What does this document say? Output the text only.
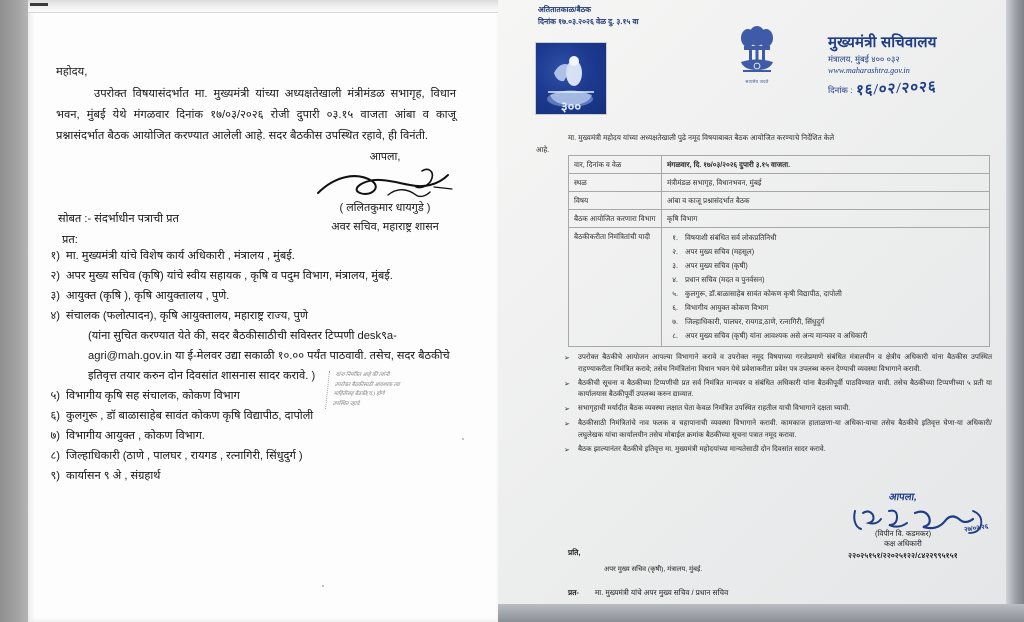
महोदय,
उपरोक्त विषयासंदर्भात मा. मुख्यमंत्री यांच्या अध्यक्षतेखाली मंत्रीमंडळ सभागृह, विधान भवन, मुंबई येथे मंगळवार दिनांक १७/०३/२०२६ रोजी दुपारी ०३.१५ वाजता आंबा व काजू प्रश्नासंदर्भात बैठक आयोजित करण्यात आलेली आहे. सदर बैठकीस उपस्थित रहावे, ही विनंती.
आपला,
( ललितकुमार धायगुडे )
अवर सचिव, महाराष्ट्र शासन
सोबत :- संदर्भाधीन पत्राची प्रत
प्रत:
१) मा. मुख्यमंत्री यांचे विशेष कार्य अधिकारी , मंत्रालय , मुंबई.
२) अपर मुख्य सचिव (कृषि) यांचे स्वीय सहायक , कृषि व पदुम विभाग, मंत्रालय, मुंबई.
३) आयुक्त (कृषि ), कृषि आयुक्तालय , पुणे.
४) संचालक (फलोत्पादन), कृषि आयुक्तालय, महाराष्ट्र राज्य, पुणे
(यांना सुचित करण्यात येते की, सदर बैठकीसाठीची सविस्तर टिप्पणी desk९a-agri@mah.gov.in या ई-मेलवर उद्या सकाळी १०.०० पर्यंत पाठवावी. तसेच, सदर बैठकीचे इतिवृत्त तयार करुन दोन दिवसांत शासनास सादर करावे. )
५) विभागीय कृषि सह संचालक, कोकण विभाग
६) कुलगुरू , डॉ बाळासाहेब सावंत कोकण कृषि विद्यापीठ, दापोली
७) विभागीय आयुक्त , कोकण विभाग.
८) जिल्हाधिकारी (ठाणे , पालघर , रायगड , रत्नागिरी, सिंधुदुर्ग )
९) कार्यासन ९ अे , संग्रहार्थ
यांना निमंत्रित आहे की त्यांनी
उपरोक्त बैठकीसाठी आवश्यक त्या
माहितीसह बैठकी(च.) होणे
उपस्थित रहावे.
अतितातकाळ/बैठक
दिनांक १७.०३.२०२६ वेळ दु. ३.१५ वा
३००
सत्यमेव जयते
मुख्यमंत्री सचिवालय
मंत्रालय, मुंबई ४०० ०३२
www.maharashtra.gov.in
दिनांक : १६/०२/२०२६
मा. मुख्यमंत्री महोदय यांच्या अध्यक्षतेखाली पुढे नमूद विषयाबाबत बैठक आयोजित करण्याचे निर्देशित केले
आहे.
वार, दिनांक व वेळ	मंगळवार, दि. १७/०३/२०२६ दुपारी ३.१५ वाजता.
स्थळ	मंत्रीमंडळ सभागृह, विधानभवन, मुंबई
विषय	आंबा व काजू प्रश्नासंदर्भात बैठक
बैठक आयोजित करणारा विभाग	कृषि विभाग
बैठकीकरीता निमंत्रितांची यादी	१. विषयाशी संबंधित सर्व लोकप्रतिनिधी
२. अपर मुख्य सचिव (महसूल)
३. अपर मुख्य सचिव (कृषी)
४. प्रधान सचिव (मदत व पुनर्वसन)
५. कुलगुरू, डॉ.बाळासाहेब सावंत कोकण कृषी विद्यापीठ, दापोली
६. विभागीय आयुक्त कोकण विभाग
७. जिल्हाधिकारी, पालघर, रायगड,ठाणे, रत्नागिरी, सिंधुदुर्ग
८. अपर मुख्य सचिव (कृषी) यांना आवश्यक असे अन्य मान्यवर व अधिकारी
➢ उपरोक्त बैठकीचे आयोजन आपल्या विभागाने करावे व उपरोक्त नमूद विषयाच्या गरजेप्रमाणे संबंधित मंत्रालयीन व क्षेत्रीय अधिकारी यांना बैठकीस उपस्थित राहण्याकरीता निमंत्रित करावे; तसेच निमंत्रितांना विधान भवन येथे प्रवेशाकरीता प्रवेश पत्र उपलब्ध करुन देण्याची व्यवस्था विभागाने करावी.
➢ बैठकीची सूचना व बैठकीच्या टिप्पणीची प्रत सर्व निमंत्रित मान्यवर व संबंधित अधिकारी यांना बैठकीपूर्वी पाठविण्यात यावी. तसेच बैठकीच्या टिप्पणीच्या ५ प्रती या कार्यालयास बैठकीपूर्वी उपलब्ध करुन द्याव्यात.
➢ सभागृहाची मर्यादीत बैठक व्यवस्था लक्षात घेता केवळ निमंत्रित उपस्थित राहतील याची विभागाने दक्षता घ्यावी.
➢ बैठकीसाठी निमंत्रितांचे नाव फलक व चहापानाची व्यवस्था विभागाने करावी. कामकाज हाताळणा-या अधिका-याचा तसेच बैठकीचे इतिवृत्त घेणा-या अधिकारी/लघुलेखक यांचा कार्यालयीन तसेच मोबाईल क्रमांक बैठकीच्या सूचना पत्रात नमूद करावा.
➢ बैठक झाल्यानंतर बैठकीचे इतिवृत्त मा. मुख्यमंत्री महोदयांच्या मान्यतेसाठी दोन दिवसांत सादर करावे.
आपला,
२७/०२/२६
(विपीन वि. कडमकर)
कक्ष अधिकारी
२२०२५१५१/२२०२५१२२/८४२२९९५१५१
प्रति,
अपर मुख्य सचिव (कृषी), मंत्रालय, मुंबई.
प्रत- मा. मुख्यमंत्री यांचे अपर मुख्य सचिव / प्रधान सचिव
